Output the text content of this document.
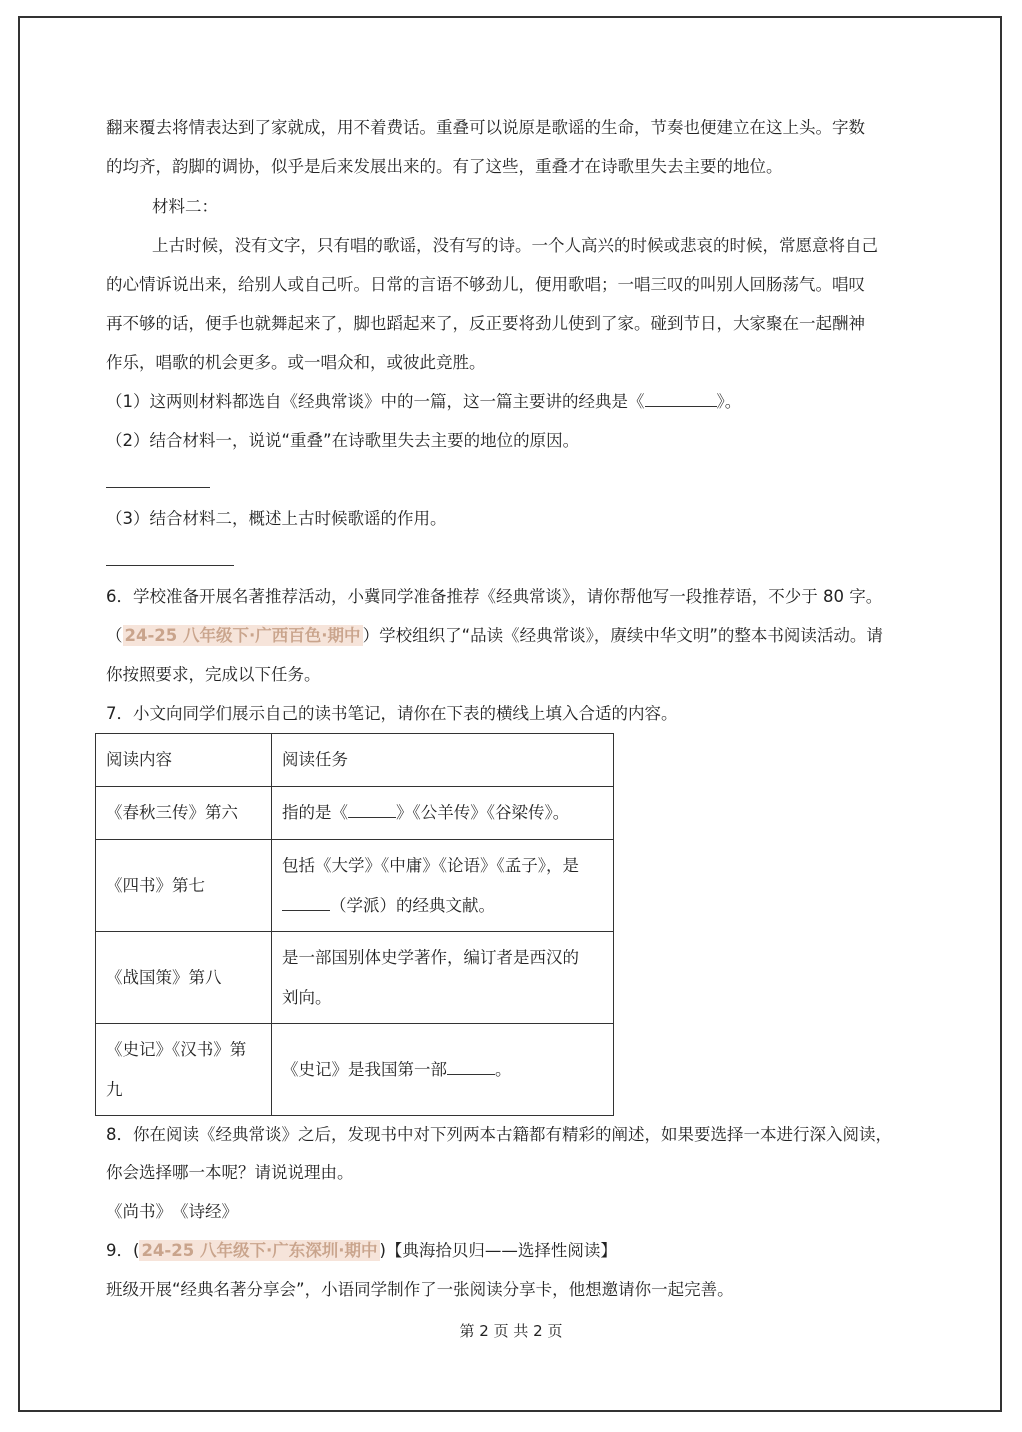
翻来覆去将情表达到了家就成，用不着费话。重叠可以说原是歌谣的生命，节奏也便建立在这上头。字数
的均齐，韵脚的调协，似乎是后来发展出来的。有了这些，重叠才在诗歌里失去主要的地位。
材料二：
上古时候，没有文字，只有唱的歌谣，没有写的诗。一个人高兴的时候或悲哀的时候，常愿意将自己
的心情诉说出来，给别人或自己听。日常的言语不够劲儿，便用歌唱；一唱三叹的叫别人回肠荡气。唱叹
再不够的话，便手也就舞起来了，脚也蹈起来了，反正要将劲儿使到了家。碰到节日，大家聚在一起酬神
作乐，唱歌的机会更多。或一唱众和，或彼此竞胜。
（1）这两则材料都选自《经典常谈》中的一篇，这一篇主要讲的经典是《	》。
（2）结合材料一，说说“重叠”在诗歌里失去主要的地位的原因。
（3）结合材料二，概述上古时候歌谣的作用。
6．学校准备开展名著推荐活动，小冀同学准备推荐《经典常谈》，请你帮他写一段推荐语，不少于 80 字。
（ 24-25 八年级下·广西百色·期中 ）学校组织了“品读《经典常谈》，赓续中华文明”的整本书阅读活动。请
你按照要求，完成以下任务。
7．小文向同学们展示自己的读书笔记，请你在下表的横线上填入合适的内容。
阅读内容	阅读任务
《春秋三传》第六	指的是《 》《公羊传》《谷梁传》。
《四书》第七	包括《大学》《中庸》《论语》《孟子》，是
（学派）的经典文献。

《战国策》第八	是一部国别体史学著作，编订者是西汉的
刘向。

《史记》《汉书》第
九	《史记》是我国第一部 。
8．你在阅读《经典常谈》之后，发现书中对下列两本古籍都有精彩的阐述，如果要选择一本进行深入阅读，
你会选择哪一本呢？请说说理由。
《尚书》　《诗经》
9．( 24-25 八年级下·广东深圳·期中 )【典海拾贝归——选择性阅读】
班级开展“经典名著分享会”，小语同学制作了一张阅读分享卡，他想邀请你一起完善。
第 2 页 共 2 页
